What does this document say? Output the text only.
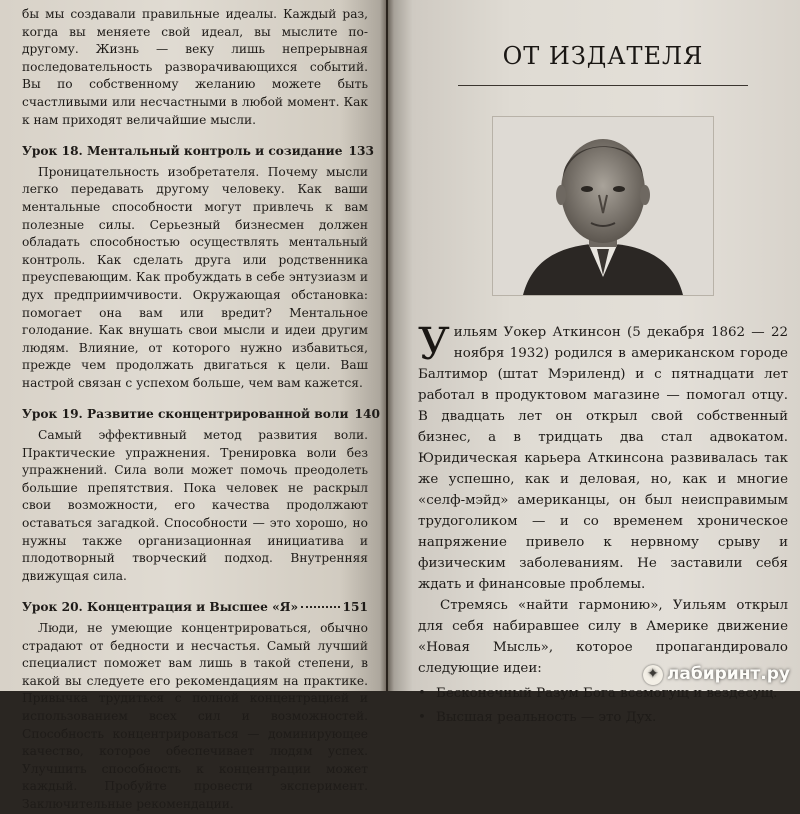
бы мы создавали правильные идеалы. Каждый раз, когда вы меняете свой идеал, вы мыслите по-другому. Жизнь — веку лишь непрерывная последовательность разворачивающихся событий. Вы по собственному желанию можете быть счастливыми или несчастными в любой момент. Как к нам приходят величайшие мысли.

Урок 18. Ментальный контроль и созидание 133

Проницательность изобретателя. Почему мысли легко передавать другому человеку. Как ваши ментальные способности могут привлечь к вам полезные силы. Серьезный бизнесмен должен обладать способностью осуществлять ментальный контроль. Как сделать друга или родственника преуспевающим. Как пробуждать в себе энтузиазм и дух предприимчивости. Окружающая обстановка: помогает она вам или вредит? Ментальное голодание. Как внушать свои мысли и идеи другим людям. Влияние, от которого нужно избавиться, прежде чем продолжать двигаться к цели. Ваш настрой связан с успехом больше, чем вам кажется.

Урок 19. Развитие сконцентрированной воли 140

Самый эффективный метод развития воли. Практические упражнения. Тренировка воли без упражнений. Сила воли может помочь преодолеть большие препятствия. Пока человек не раскрыл свои возможности, его качества продолжают оставаться загадкой. Способности — это хорошо, но нужны также организационная инициатива и плодотворный творческий подход. Внутренняя движущая сила.

Урок 20. Концентрация и Высшее «Я»	151

Люди, не умеющие концентрироваться, обычно страдают от бедности и несчастья. Самый лучший специалист поможет вам лишь в такой степени, в какой вы следуете его рекомендациям на практике. Привычка трудиться с полной концентрацией и использованием всех сил и возможностей. Способность концентрироваться — доминирующее качество, которое обеспечивает людям успех. Улучшить способность к концентрации может каждый. Пробуйте провести эксперимент. Заключительные рекомендации.

ОТ ИЗДАТЕЛЯ

Уильям Уокер Аткинсон (5 декабря 1862 — 22 ноября 1932) родился в американском городе Балтимор (штат Мэриленд) и с пятнадцати лет работал в продуктовом магазине — помогал отцу. В двадцать лет он открыл свой собственный бизнес, а в тридцать два стал адвокатом. Юридическая карьера Аткинсона развивалась так же успешно, как и деловая, но, как и многие «селф-мэйд» американцы, он был неисправимым трудоголиком — и со временем хроническое напряжение привело к нервному срыву и физическим заболеваниям. Не заставили себя ждать и финансовые проблемы.

Стремясь «найти гармонию», Уильям открыл для себя набиравшее силу в Америке движение «Новая Мысль», которое пропагандировало следующие идеи:

• Бесконечный Разум Бога всемогущ и вездесущ.
• Высшая реальность — это Дух.
✦ лабиринт.ру
